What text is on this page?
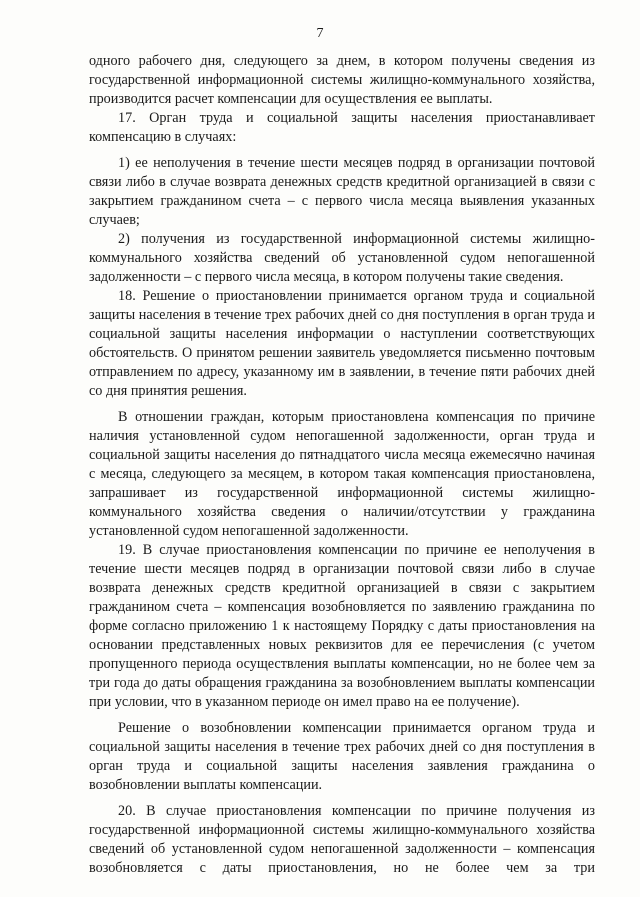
7

одного рабочего дня, следующего за днем, в котором получены сведения из государственной информационной системы жилищно-коммунального хозяйства, производится расчет компенсации для осуществления ее выплаты.

17. Орган труда и социальной защиты населения приостанавливает компенсацию в случаях:

1) ее неполучения в течение шести месяцев подряд в организации почтовой связи либо в случае возврата денежных средств кредитной организацией в связи с закрытием гражданином счета – с первого числа месяца выявления указанных случаев;

2) получения из государственной информационной системы жилищно-коммунального хозяйства сведений об установленной судом непогашенной задолженности – с первого числа месяца, в котором получены такие сведения.

18. Решение о приостановлении принимается органом труда и социальной защиты населения в течение трех рабочих дней со дня поступления в орган труда и социальной защиты населения информации о наступлении соответствующих обстоятельств. О принятом решении заявитель уведомляется письменно почтовым отправлением по адресу, указанному им в заявлении, в течение пяти рабочих дней со дня принятия решения.

В отношении граждан, которым приостановлена компенсация по причине наличия установленной судом непогашенной задолженности, орган труда и социальной защиты населения до пятнадцатого числа месяца ежемесячно начиная с месяца, следующего за месяцем, в котором такая компенсация приостановлена, запрашивает из государственной информационной системы жилищно-коммунального хозяйства сведения о наличии/отсутствии у гражданина установленной судом непогашенной задолженности.

19. В случае приостановления компенсации по причине ее неполучения в течение шести месяцев подряд в организации почтовой связи либо в случае возврата денежных средств кредитной организацией в связи с закрытием гражданином счета – компенсация возобновляется по заявлению гражданина по форме согласно приложению 1 к настоящему Порядку с даты приостановления на основании представленных новых реквизитов для ее перечисления (с учетом пропущенного периода осуществления выплаты компенсации, но не более чем за три года до даты обращения гражданина за возобновлением выплаты компенсации при условии, что в указанном периоде он имел право на ее получение).

Решение о возобновлении компенсации принимается органом труда и социальной защиты населения в течение трех рабочих дней со дня поступления в орган труда и социальной защиты населения заявления гражданина о возобновлении выплаты компенсации.

20. В случае приостановления компенсации по причине получения из государственной информационной системы жилищно-коммунального хозяйства сведений об установленной судом непогашенной задолженности – компенсация возобновляется с даты приостановления, но не более чем за три
